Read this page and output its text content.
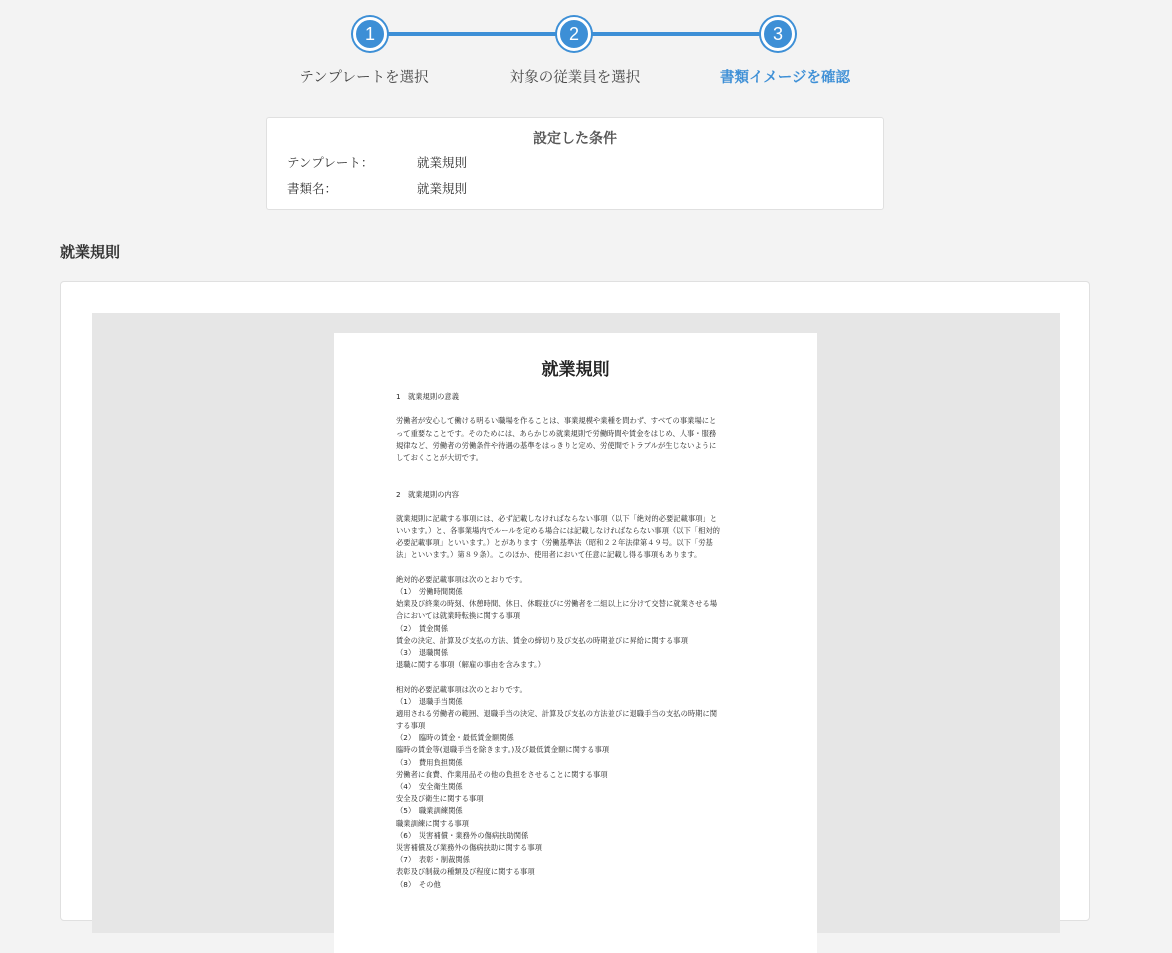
1	2	3
テンプレートを選択	対象の従業員を選択	書類イメージを確認
設定した条件
テンプレート：	就業規則
書類名：	就業規則
就業規則
就業規則
1　就業規則の意義
労働者が安心して働ける明るい職場を作ることは、事業規模や業種を問わず、すべての事業場にと
って重要なことです。そのためには、あらかじめ就業規則で労働時間や賃金をはじめ、人事・服務
規律など、労働者の労働条件や待遇の基準をはっきりと定め、労使間でトラブルが生じないように
しておくことが大切です。
2　就業規則の内容
就業規則に記載する事項には、必ず記載しなければならない事項（以下「絶対的必要記載事項」と
いいます。）と、各事業場内でルールを定める場合には記載しなければならない事項（以下「相対的
必要記載事項」といいます。）とがあります（労働基準法（昭和２２年法律第４９号。以下「労基
法」といいます。）第８９条）。このほか、使用者において任意に記載し得る事項もあります。
絶対的必要記載事項は次のとおりです。
（1）　労働時間関係
始業及び終業の時刻、休憩時間、休日、休暇並びに労働者を二組以上に分けて交替に就業させる場
合においては就業時転換に関する事項
（2）　賃金関係
賃金の決定、計算及び支払の方法、賃金の締切り及び支払の時期並びに昇給に関する事項
（3）　退職関係
退職に関する事項（解雇の事由を含みます。）
相対的必要記載事項は次のとおりです。
（1）　退職手当関係
適用される労働者の範囲、退職手当の決定、計算及び支払の方法並びに退職手当の支払の時期に関
する事項
（2）　臨時の賃金・最低賃金額関係
臨時の賃金等(退職手当を除きます。)及び最低賃金額に関する事項
（3）　費用負担関係
労働者に食費、作業用品その他の負担をさせることに関する事項
（4）　安全衛生関係
安全及び衛生に関する事項
（5）　職業訓練関係
職業訓練に関する事項
（6）　災害補償・業務外の傷病扶助関係
災害補償及び業務外の傷病扶助に関する事項
（7）　表彰・制裁関係
表彰及び制裁の種類及び程度に関する事項
（8）　その他
